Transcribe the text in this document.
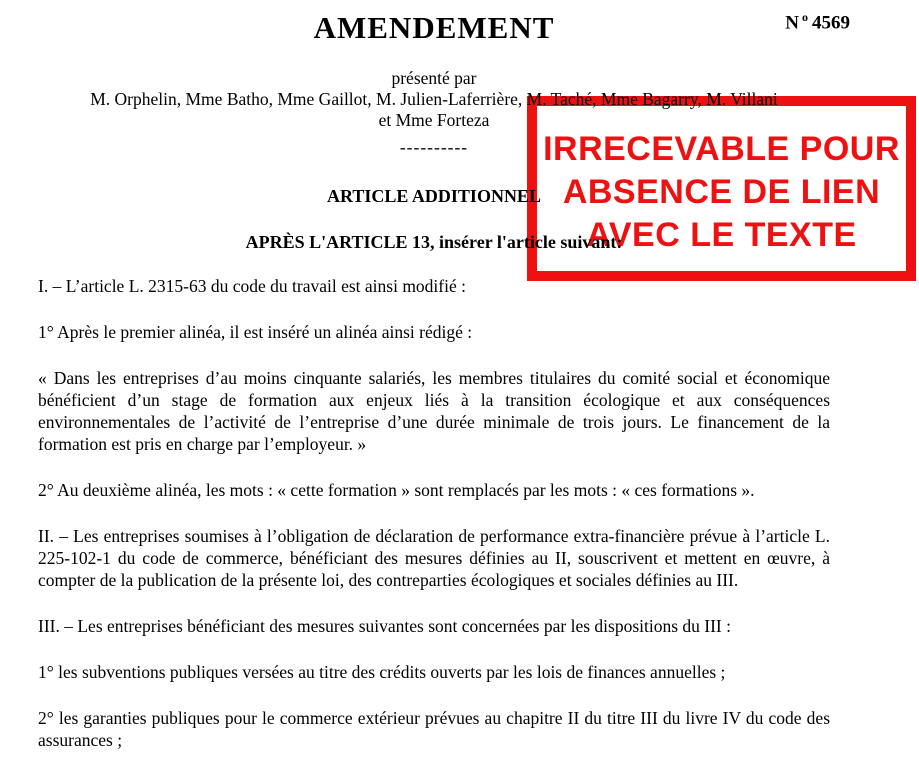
N $^o$ 4569
AMENDEMENT
présenté par
M. Orphelin, Mme Batho, Mme Gaillot, M. Julien-Laferrière, M. Taché, Mme Bagarry, M. Villani
et Mme Forteza
----------
ARTICLE ADDITIONNEL
APRÈS L'ARTICLE 13, insérer l'article suivant:

I. – L’article L. 2315-63 du code du travail est ainsi modifié :

1° Après le premier alinéa, il est inséré un alinéa ainsi rédigé :

« Dans les entreprises d’au moins cinquante salariés, les membres titulaires du comité social et économique bénéficient d’un stage de formation aux enjeux liés à la transition écologique et aux conséquences environnementales de l’activité de l’entreprise d’une durée minimale de trois jours. Le financement de la formation est pris en charge par l’employeur. »

2° Au deuxième alinéa, les mots : « cette formation » sont remplacés par les mots : « ces formations ».

II. – Les entreprises soumises à l’obligation de déclaration de performance extra-financière prévue à l’article L. 225-102-1 du code de commerce, bénéficiant des mesures définies au II, souscrivent et mettent en œuvre, à compter de la publication de la présente loi, des contreparties écologiques et sociales définies au III.

III. – Les entreprises bénéficiant des mesures suivantes sont concernées par les dispositions du III :

1° les subventions publiques versées au titre des crédits ouverts par les lois de finances annuelles ;

2° les garanties publiques pour le commerce extérieur prévues au chapitre II du titre III du livre IV du code des assurances ;

IRRECEVABLE POUR
ABSENCE DE LIEN
AVEC LE TEXTE
